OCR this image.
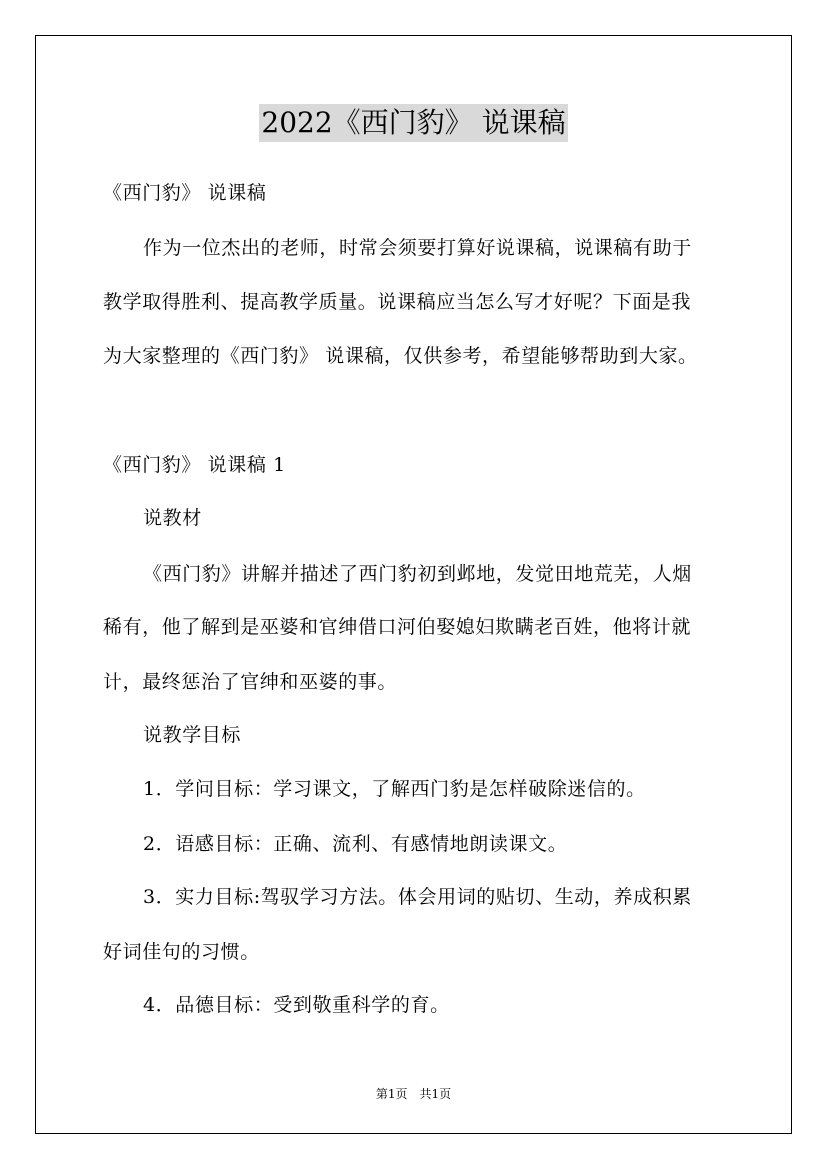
2022《西门豹》 说课稿
《西门豹》 说课稿
作为一位杰出的老师，时常会须要打算好说课稿，说课稿有助于
教学取得胜利、提高教学质量。说课稿应当怎么写才好呢？下面是我
为大家整理的《西门豹》 说课稿，仅供参考，希望能够帮助到大家。
《西门豹》 说课稿 1
说教材
《西门豹》讲解并描述了西门豹初到邺地，发觉田地荒芜，人烟
稀有，他了解到是巫婆和官绅借口河伯娶媳妇欺瞒老百姓，他将计就
计，最终惩治了官绅和巫婆的事。
说教学目标
1．学问目标：学习课文，了解西门豹是怎样破除迷信的。
2．语感目标：正确、流利、有感情地朗读课文。
3．实力目标:驾驭学习方法。体会用词的贴切、生动，养成积累
好词佳句的习惯。
4．品德目标：受到敬重科学的育。
第1页　共1页
